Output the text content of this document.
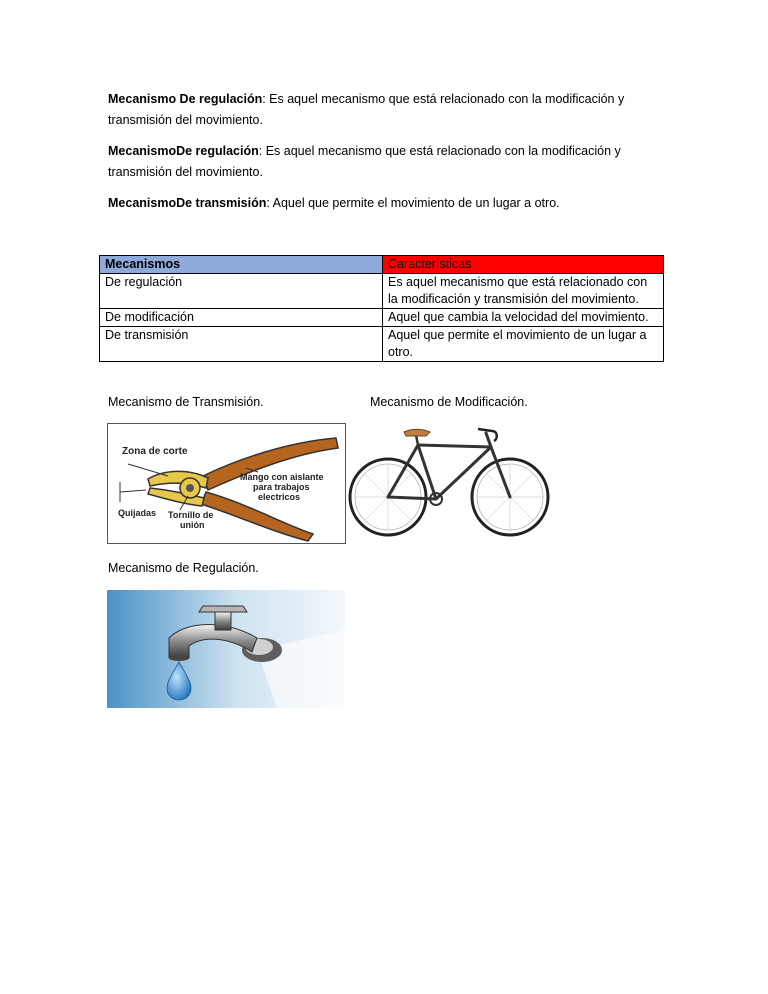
Mecanismo De regulación: Es aquel mecanismo que está relacionado con la modificación y transmisión del movimiento.

MecanismoDe regulación: Es aquel mecanismo que está relacionado con la modificación y transmisión del movimiento.

MecanismoDe transmisión: Aquel que permite el movimiento de un lugar a otro.

Mecanismos	Características
De regulación	Es aquel mecanismo que está relacionado con la modificación y transmisión del movimiento.
De modificación	Aquel que cambia la velocidad del movimiento.
De transmisión	Aquel que permite el movimiento de un lugar a otro.

Mecanismo de Transmisión.	Mecanismo de Modificación.

Zona de corte
Mango con aislante
para trabajos
electricos
Quijadas Tornillo de
unión

Mecanismo de Regulación.
